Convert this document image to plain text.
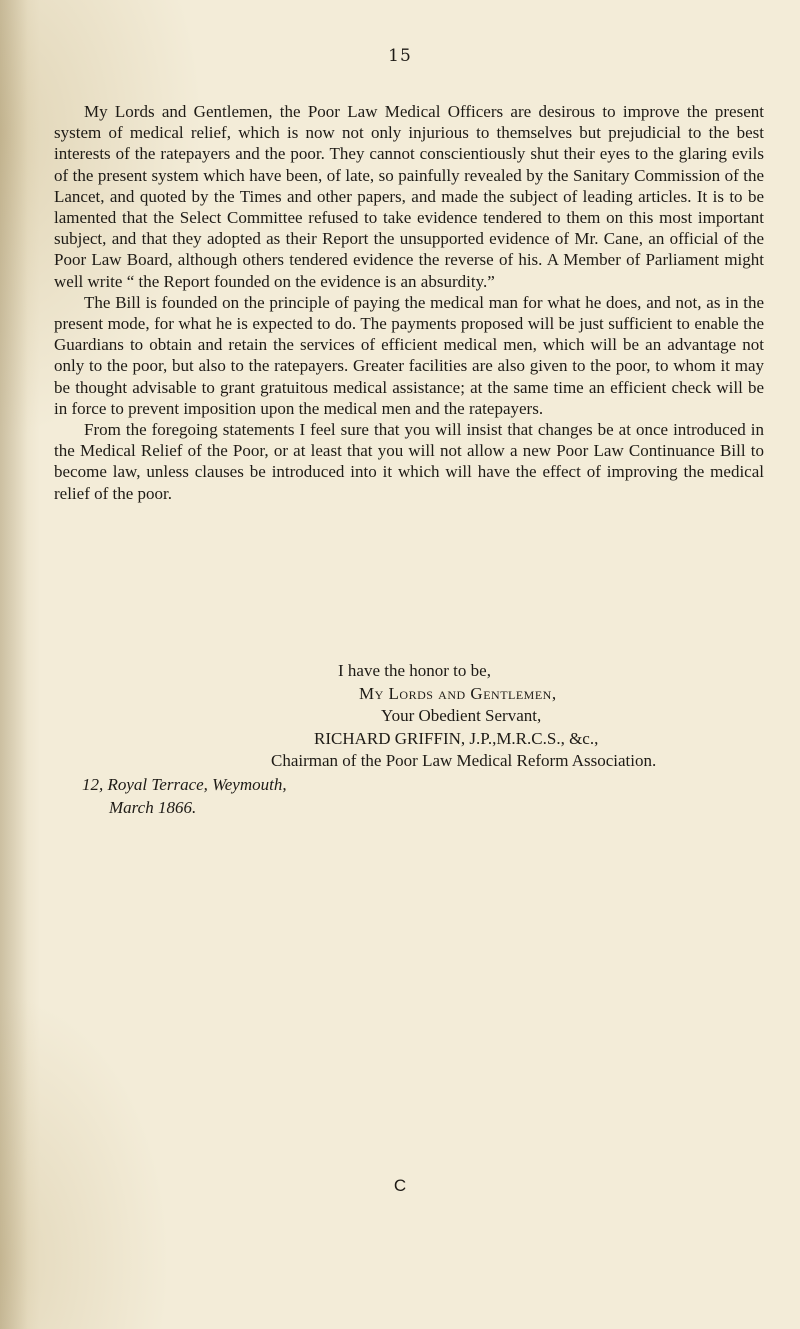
15

My Lords and Gentlemen, the Poor Law Medical Officers are desirous to improve the present system of medical relief, which is now not only injurious to themselves but prejudicial to the best interests of the ratepayers and the poor. They cannot conscientiously shut their eyes to the glaring evils of the present system which have been, of late, so painfully revealed by the Sanitary Commission of the Lancet, and quoted by the Times and other papers, and made the subject of leading articles. It is to be lamented that the Select Committee refused to take evidence tendered to them on this most important subject, and that they adopted as their Report the unsupported evidence of Mr. Cane, an official of the Poor Law Board, although others tendered evidence the reverse of his. A Member of Parliament might well write “ the Report founded on the evidence is an absurdity.”

The Bill is founded on the principle of paying the medical man for what he does, and not, as in the present mode, for what he is expected to do. The payments proposed will be just sufficient to enable the Guardians to obtain and retain the services of efficient medical men, which will be an advantage not only to the poor, but also to the ratepayers. Greater facilities are also given to the poor, to whom it may be thought advisable to grant gratuitous medical assistance; at the same time an efficient check will be in force to prevent imposition upon the medical men and the ratepayers.

From the foregoing statements I feel sure that you will insist that changes be at once introduced in the Medical Relief of the Poor, or at least that you will not allow a new Poor Law Continuance Bill to become law, unless clauses be introduced into it which will have the effect of improving the medical relief of the poor.

I have the honor to be,
My Lords and Gentlemen,
Your Obedient Servant,
RICHARD GRIFFIN, J.P.,M.R.C.S., &c.,
Chairman of the Poor Law Medical Reform Association.
12, Royal Terrace, Weymouth,
March 1866.
C
